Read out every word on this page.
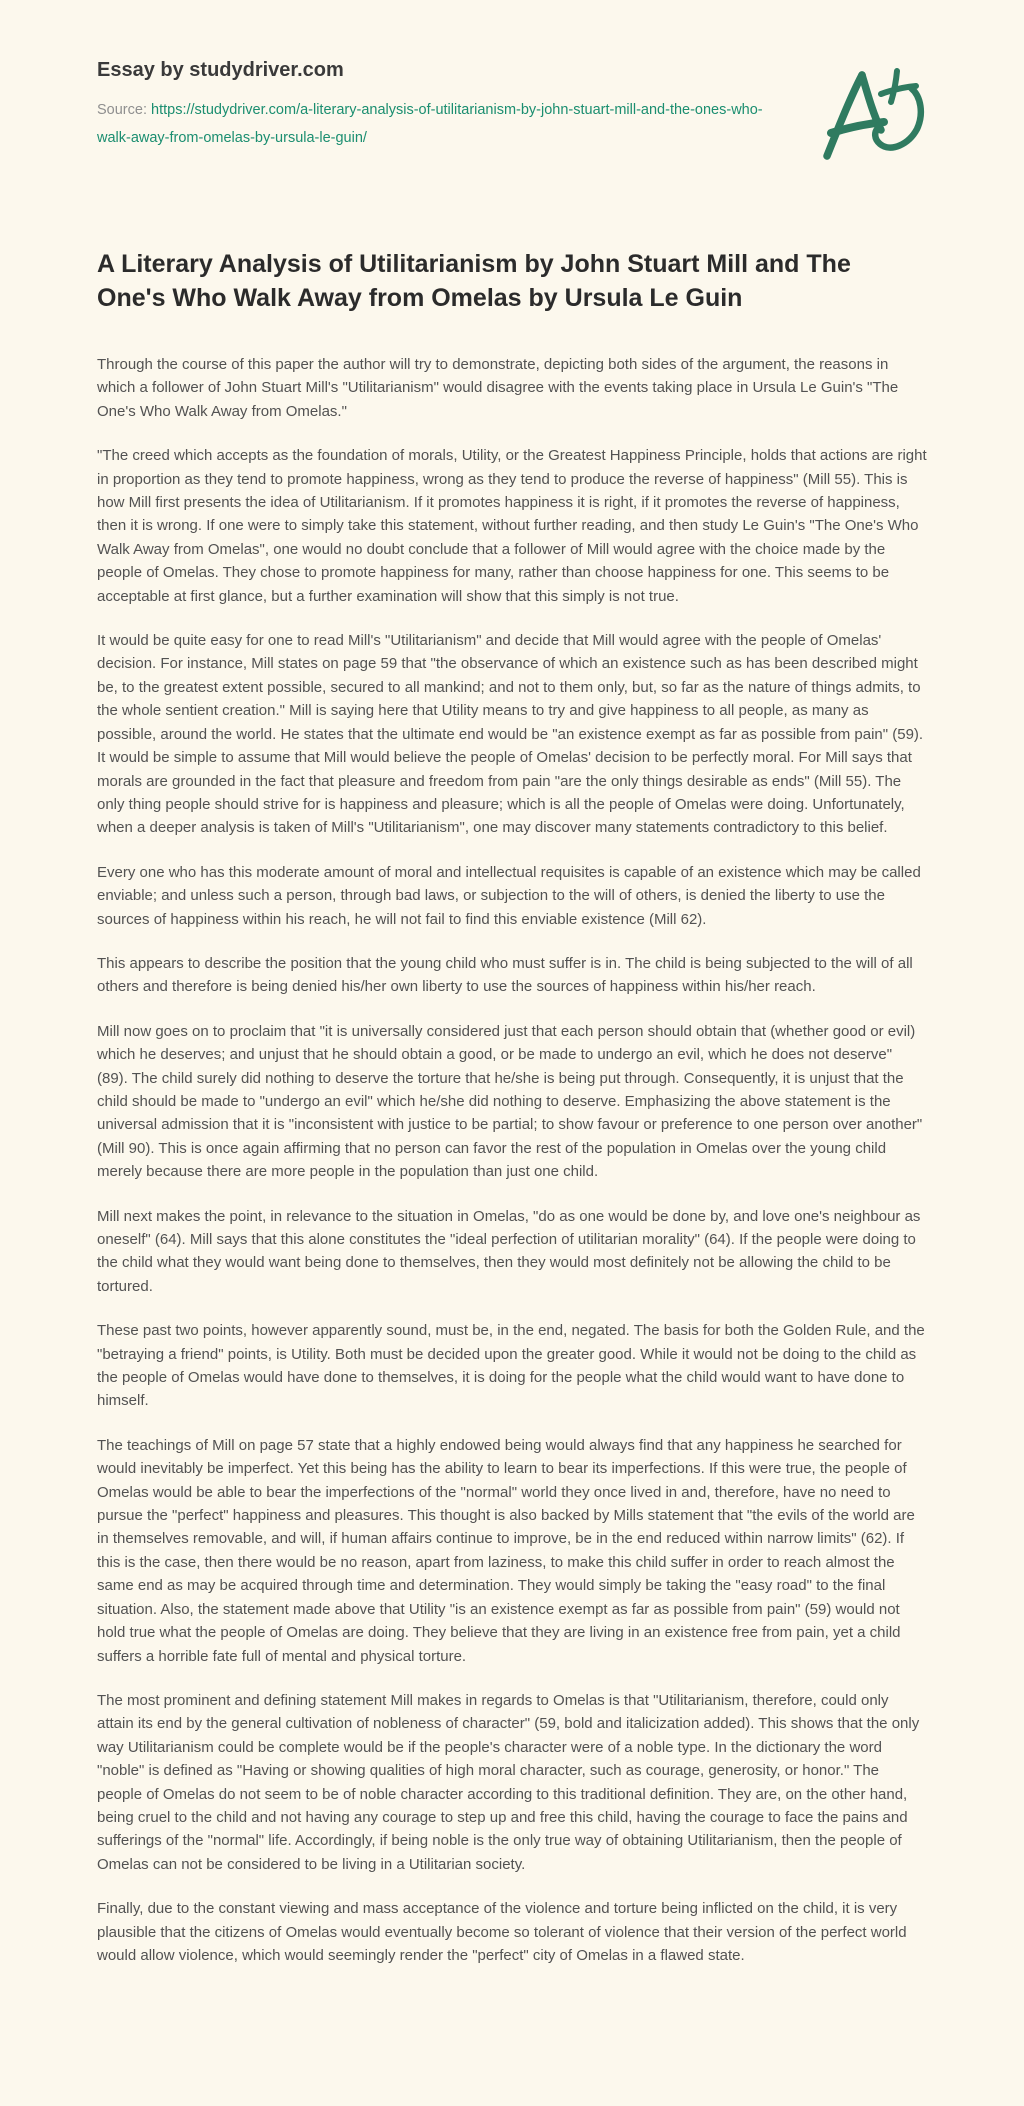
Essay by studydriver.com

Source: https://studydriver.com/a-literary-analysis-of-utilitarianism-by-john-stuart-mill-and-the-ones-who-walk-away-from-omelas-by-ursula-le-guin/

A Literary Analysis of Utilitarianism by John Stuart Mill and The One's Who Walk Away from Omelas by Ursula Le Guin

Through the course of this paper the author will try to demonstrate, depicting both sides of the argument, the reasons in which a follower of John Stuart Mill's "Utilitarianism" would disagree with the events taking place in Ursula Le Guin's "The One's Who Walk Away from Omelas."

"The creed which accepts as the foundation of morals, Utility, or the Greatest Happiness Principle, holds that actions are right in proportion as they tend to promote happiness, wrong as they tend to produce the reverse of happiness" (Mill 55). This is how Mill first presents the idea of Utilitarianism. If it promotes happiness it is right, if it promotes the reverse of happiness, then it is wrong. If one were to simply take this statement, without further reading, and then study Le Guin's "The One's Who Walk Away from Omelas", one would no doubt conclude that a follower of Mill would agree with the choice made by the people of Omelas. They chose to promote happiness for many, rather than choose happiness for one. This seems to be acceptable at first glance, but a further examination will show that this simply is not true.

It would be quite easy for one to read Mill's "Utilitarianism" and decide that Mill would agree with the people of Omelas' decision. For instance, Mill states on page 59 that "the observance of which an existence such as has been described might be, to the greatest extent possible, secured to all mankind; and not to them only, but, so far as the nature of things admits, to the whole sentient creation." Mill is saying here that Utility means to try and give happiness to all people, as many as possible, around the world. He states that the ultimate end would be "an existence exempt as far as possible from pain" (59). It would be simple to assume that Mill would believe the people of Omelas' decision to be perfectly moral. For Mill says that morals are grounded in the fact that pleasure and freedom from pain "are the only things desirable as ends" (Mill 55). The only thing people should strive for is happiness and pleasure; which is all the people of Omelas were doing. Unfortunately, when a deeper analysis is taken of Mill's "Utilitarianism", one may discover many statements contradictory to this belief.

Every one who has this moderate amount of moral and intellectual requisites is capable of an existence which may be called enviable; and unless such a person, through bad laws, or subjection to the will of others, is denied the liberty to use the sources of happiness within his reach, he will not fail to find this enviable existence (Mill 62).

This appears to describe the position that the young child who must suffer is in. The child is being subjected to the will of all others and therefore is being denied his/her own liberty to use the sources of happiness within his/her reach.

Mill now goes on to proclaim that "it is universally considered just that each person should obtain that (whether good or evil) which he deserves; and unjust that he should obtain a good, or be made to undergo an evil, which he does not deserve" (89). The child surely did nothing to deserve the torture that he/she is being put through. Consequently, it is unjust that the child should be made to "undergo an evil" which he/she did nothing to deserve. Emphasizing the above statement is the universal admission that it is "inconsistent with justice to be partial; to show favour or preference to one person over another" (Mill 90). This is once again affirming that no person can favor the rest of the population in Omelas over the young child merely because there are more people in the population than just one child.

Mill next makes the point, in relevance to the situation in Omelas, "do as one would be done by, and love one's neighbour as oneself" (64). Mill says that this alone constitutes the "ideal perfection of utilitarian morality" (64). If the people were doing to the child what they would want being done to themselves, then they would most definitely not be allowing the child to be tortured.

These past two points, however apparently sound, must be, in the end, negated. The basis for both the Golden Rule, and the "betraying a friend" points, is Utility. Both must be decided upon the greater good. While it would not be doing to the child as the people of Omelas would have done to themselves, it is doing for the people what the child would want to have done to himself.

The teachings of Mill on page 57 state that a highly endowed being would always find that any happiness he searched for would inevitably be imperfect. Yet this being has the ability to learn to bear its imperfections. If this were true, the people of Omelas would be able to bear the imperfections of the "normal" world they once lived in and, therefore, have no need to pursue the "perfect" happiness and pleasures. This thought is also backed by Mills statement that "the evils of the world are in themselves removable, and will, if human affairs continue to improve, be in the end reduced within narrow limits" (62). If this is the case, then there would be no reason, apart from laziness, to make this child suffer in order to reach almost the same end as may be acquired through time and determination. They would simply be taking the "easy road" to the final situation. Also, the statement made above that Utility "is an existence exempt as far as possible from pain" (59) would not hold true what the people of Omelas are doing. They believe that they are living in an existence free from pain, yet a child suffers a horrible fate full of mental and physical torture.

The most prominent and defining statement Mill makes in regards to Omelas is that "Utilitarianism, therefore, could only attain its end by the general cultivation of nobleness of character" (59, bold and italicization added). This shows that the only way Utilitarianism could be complete would be if the people's character were of a noble type. In the dictionary the word "noble" is defined as "Having or showing qualities of high moral character, such as courage, generosity, or honor." The people of Omelas do not seem to be of noble character according to this traditional definition. They are, on the other hand, being cruel to the child and not having any courage to step up and free this child, having the courage to face the pains and sufferings of the "normal" life. Accordingly, if being noble is the only true way of obtaining Utilitarianism, then the people of Omelas can not be considered to be living in a Utilitarian society.

Finally, due to the constant viewing and mass acceptance of the violence and torture being inflicted on the child, it is very plausible that the citizens of Omelas would eventually become so tolerant of violence that their version of the perfect world would allow violence, which would seemingly render the "perfect" city of Omelas in a flawed state.
